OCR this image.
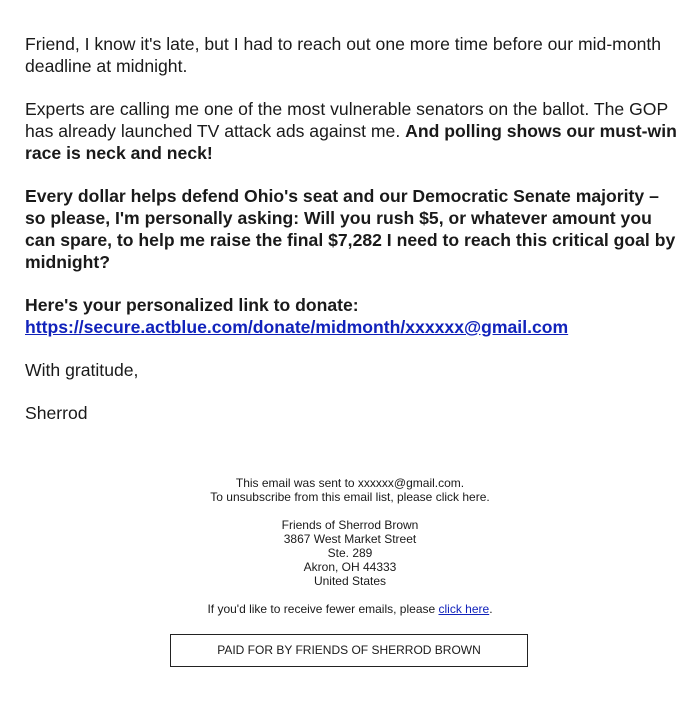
Friend, I know it's late, but I had to reach out one more time before our mid-month deadline at midnight.

Experts are calling me one of the most vulnerable senators on the ballot. The GOP has already launched TV attack ads against me. And polling shows our must-win race is neck and neck!

Every dollar helps defend Ohio's seat and our Democratic Senate majority – so please, I'm personally asking: Will you rush $5, or whatever amount you can spare, to help me raise the final $7,282 I need to reach this critical goal by midnight?

Here's your personalized link to donate:
https://secure.actblue.com/donate/midmonth/xxxxxx@gmail.com

With gratitude,

Sherrod

This email was sent to xxxxxx@gmail.com.

To unsubscribe from this email list, please click here.

Friends of Sherrod Brown

3867 West Market Street

Ste. 289

Akron, OH 44333

United States

If you'd like to receive fewer emails, please click here.

PAID FOR BY FRIENDS OF SHERROD BROWN
